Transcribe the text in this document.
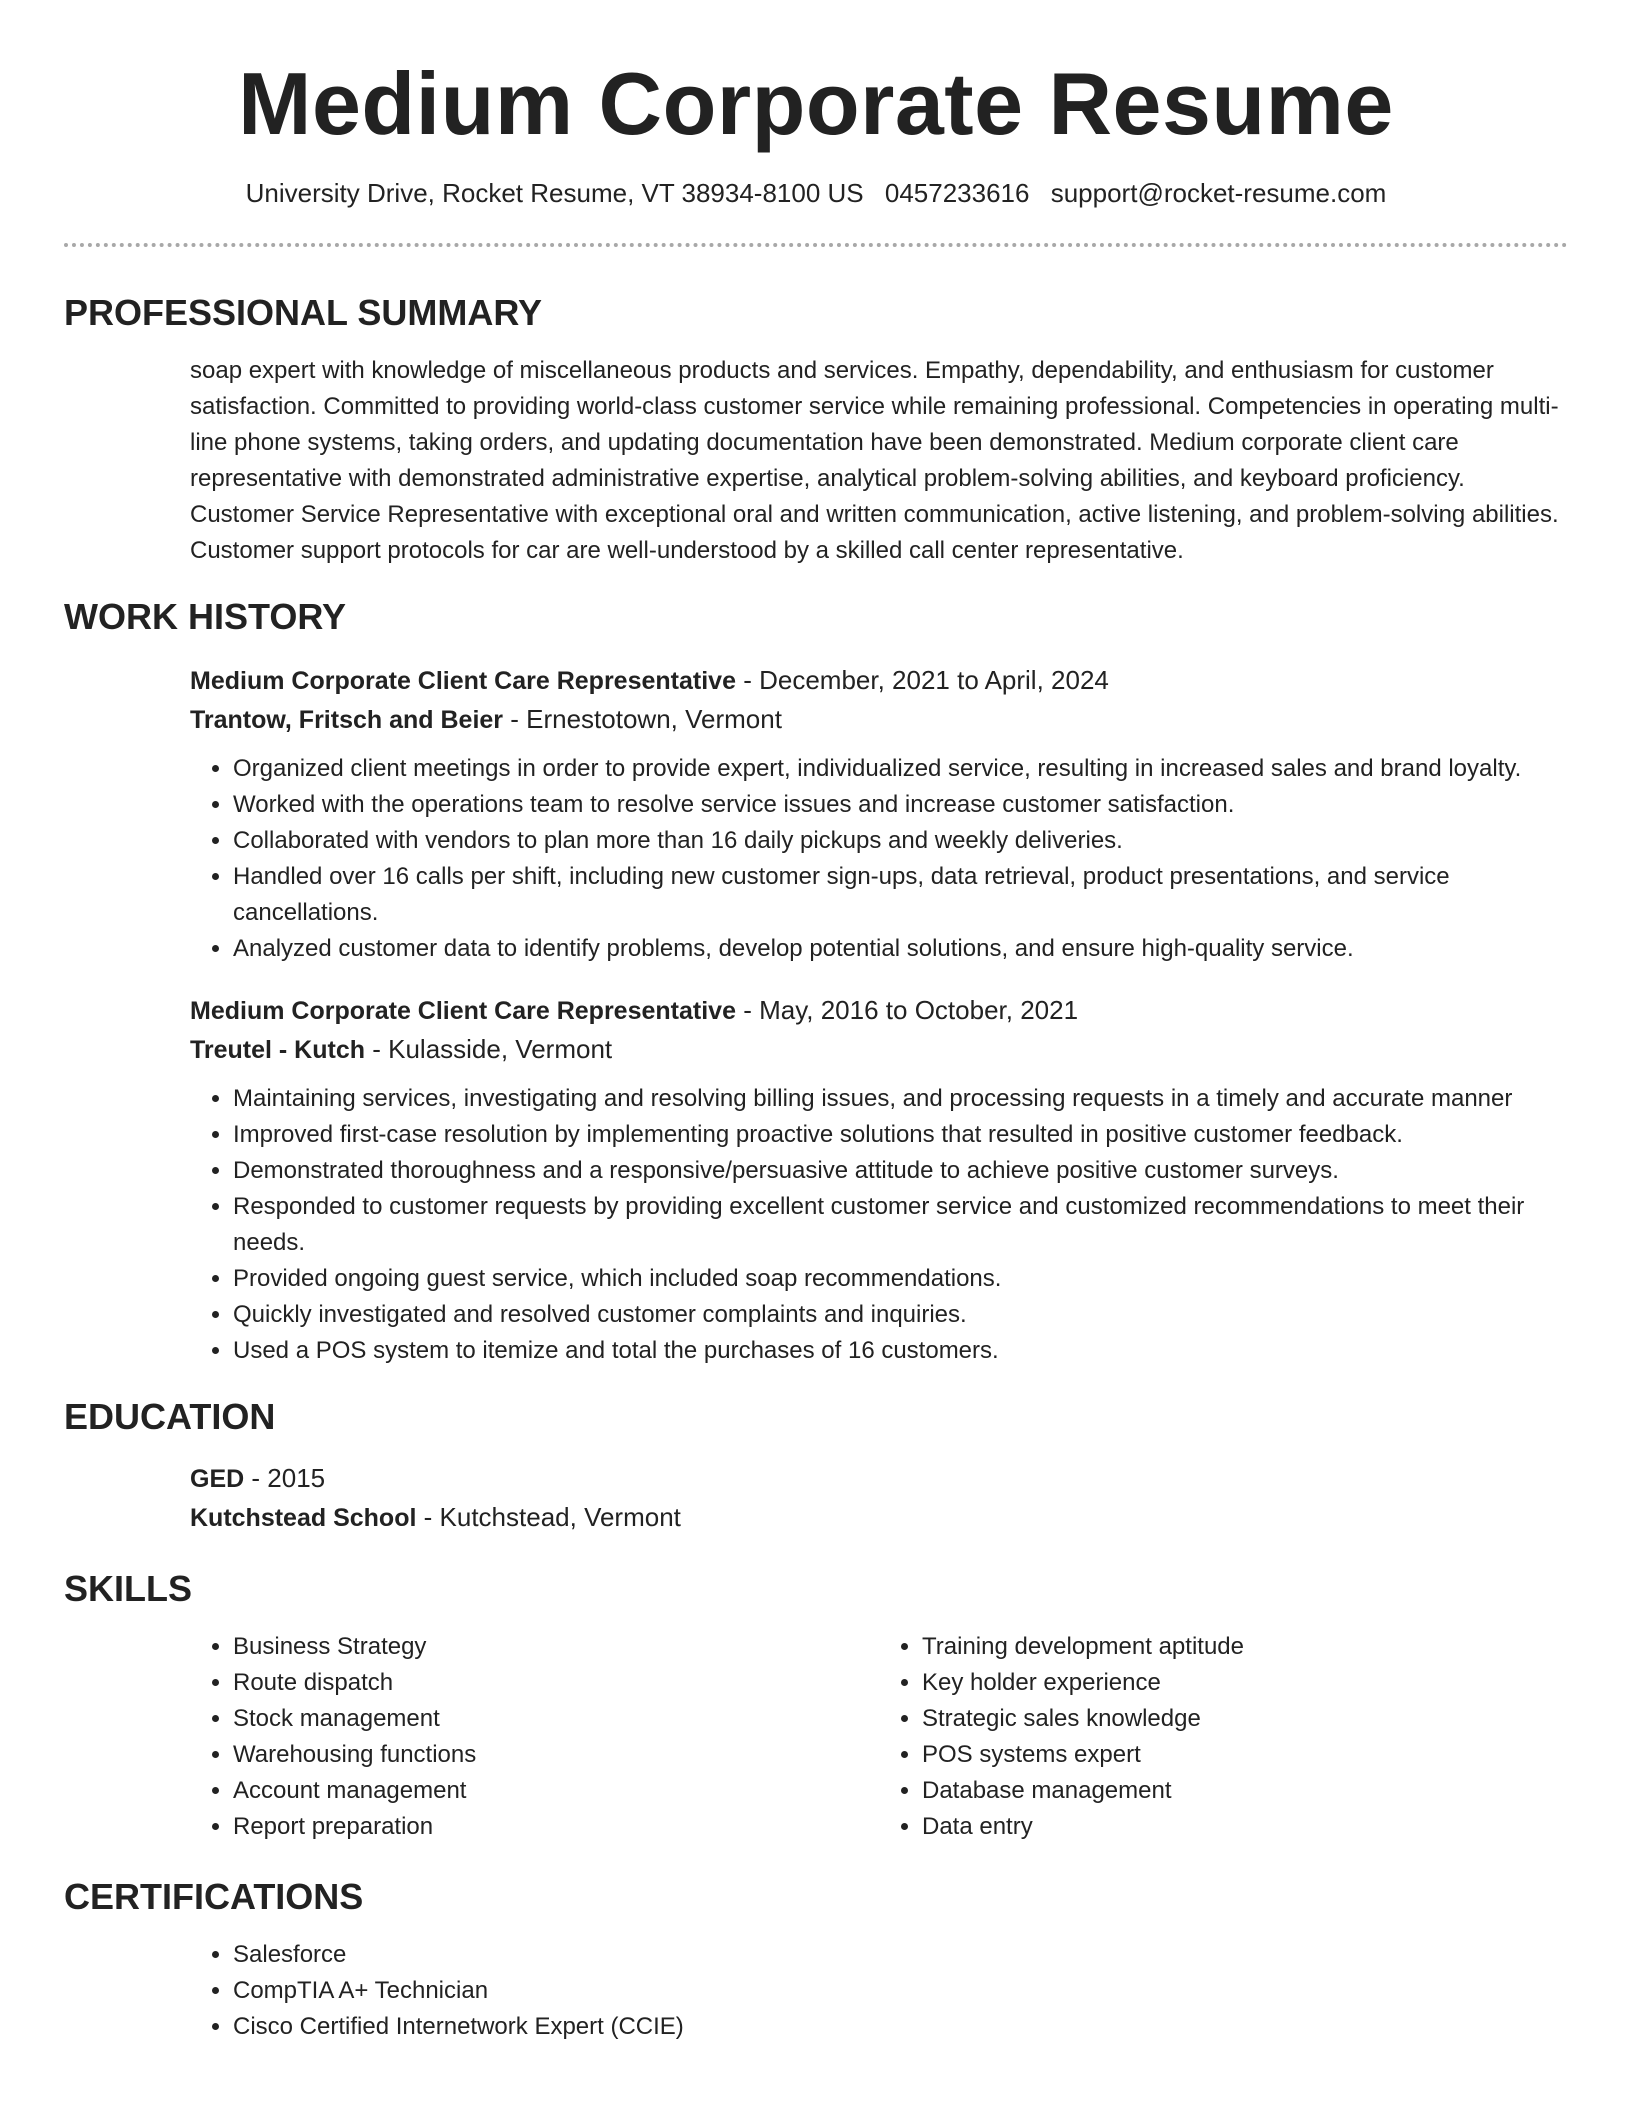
Medium Corporate Resume
University Drive, Rocket Resume, VT 38934-8100 US 0457233616 support@rocket-resume.com
PROFESSIONAL SUMMARY
soap expert with knowledge of miscellaneous products and services. Empathy, dependability, and enthusiasm for customer satisfaction. Committed to providing world-class customer service while remaining professional. Competencies in operating multi-line phone systems, taking orders, and updating documentation have been demonstrated. Medium corporate client care representative with demonstrated administrative expertise, analytical problem-solving abilities, and keyboard proficiency. Customer Service Representative with exceptional oral and written communication, active listening, and problem-solving abilities. Customer support protocols for car are well-understood by a skilled call center representative.
WORK HISTORY
Medium Corporate Client Care Representative - December, 2021 to April, 2024
Trantow, Fritsch and Beier - Ernestotown, Vermont
• Organized client meetings in order to provide expert, individualized service, resulting in increased sales and brand loyalty.
• Worked with the operations team to resolve service issues and increase customer satisfaction.
• Collaborated with vendors to plan more than 16 daily pickups and weekly deliveries.
• Handled over 16 calls per shift, including new customer sign-ups, data retrieval, product presentations, and service cancellations.
• Analyzed customer data to identify problems, develop potential solutions, and ensure high-quality service.
Medium Corporate Client Care Representative - May, 2016 to October, 2021
Treutel - Kutch - Kulasside, Vermont
• Maintaining services, investigating and resolving billing issues, and processing requests in a timely and accurate manner
• Improved first-case resolution by implementing proactive solutions that resulted in positive customer feedback.
• Demonstrated thoroughness and a responsive/persuasive attitude to achieve positive customer surveys.
• Responded to customer requests by providing excellent customer service and customized recommendations to meet their needs.
• Provided ongoing guest service, which included soap recommendations.
• Quickly investigated and resolved customer complaints and inquiries.
• Used a POS system to itemize and total the purchases of 16 customers.
EDUCATION
GED - 2015
Kutchstead School - Kutchstead, Vermont
SKILLS
• Business Strategy
• Route dispatch
• Stock management
• Warehousing functions
• Account management
• Report preparation
• Training development aptitude
• Key holder experience
• Strategic sales knowledge
• POS systems expert
• Database management
• Data entry
CERTIFICATIONS
• Salesforce
• CompTIA A+ Technician
• Cisco Certified Internetwork Expert (CCIE)
